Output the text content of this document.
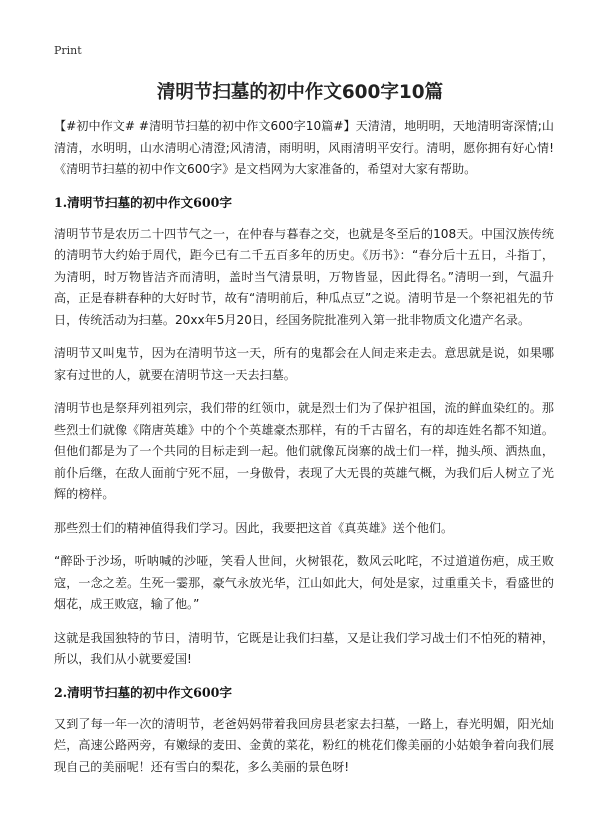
Print
清明节扫墓的初中作文600字10篇

【#初中作文# #清明节扫墓的初中作文600字10篇#】天清清，地明明，天地清明寄深情;山清清，水明明，山水清明心清澄;风清清，雨明明，风雨清明平安行。清明，愿你拥有好心情!《清明节扫墓的初中作文600字》是文档网为大家准备的，希望对大家有帮助。

1.清明节扫墓的初中作文600字

清明节节是农历二十四节气之一，在仲春与暮春之交，也就是冬至后的108天。中国汉族传统的清明节大约始于周代，距今已有二千五百多年的历史。《历书》：“春分后十五日，斗指丁，为清明，时万物皆洁齐而清明，盖时当气清景明，万物皆显，因此得名。”清明一到，气温升高，正是春耕春种的大好时节，故有“清明前后，种瓜点豆”之说。清明节是一个祭祀祖先的节日，传统活动为扫墓。20xx年5月20日，经国务院批准列入第一批非物质文化遗产名录。

清明节又叫鬼节，因为在清明节这一天，所有的鬼都会在人间走来走去。意思就是说，如果哪家有过世的人，就要在清明节这一天去扫墓。

清明节也是祭拜列祖列宗，我们带的红领巾，就是烈士们为了保护祖国，流的鲜血染红的。那些烈士们就像《隋唐英雄》中的个个英雄豪杰那样，有的千古留名，有的却连姓名都不知道。但他们都是为了一个共同的目标走到一起。他们就像瓦岗寨的战士们一样，抛头颅、洒热血，前仆后继，在敌人面前宁死不屈，一身傲骨，表现了大无畏的英雄气概，为我们后人树立了光辉的榜样。

那些烈士们的精神值得我们学习。因此，我要把这首《真英雄》送个他们。

“醉卧于沙场，听呐喊的沙哑，笑看人世间，火树银花，数风云叱咤，不过道道伤疤，成王败寇，一念之差。生死一霎那，豪气永放光华，江山如此大，何处是家，过重重关卡，看盛世的烟花，成王败寇，输了他。”

这就是我国独特的节日，清明节，它既是让我们扫墓，又是让我们学习战士们不怕死的精神，所以，我们从小就要爱国!

2.清明节扫墓的初中作文600字

又到了每一年一次的清明节，老爸妈妈带着我回房县老家去扫墓，一路上，春光明媚，阳光灿烂，高速公路两旁，有嫩绿的麦田、金黄的菜花，粉红的桃花们像美丽的小姑娘争着向我们展现自己的美丽呢！还有雪白的梨花，多么美丽的景色呀!
